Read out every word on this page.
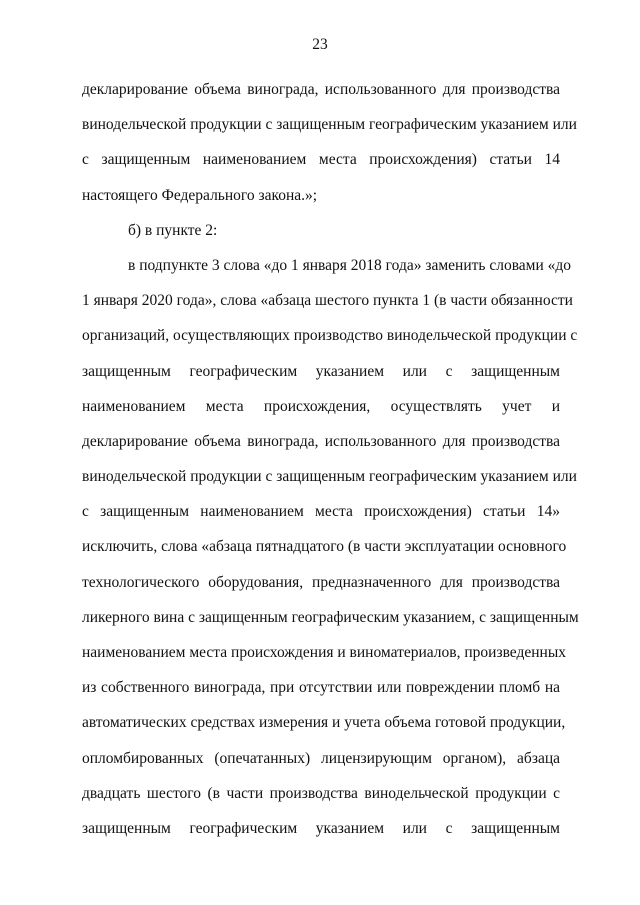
23
декларирование объема винограда, использованного для производства
винодельческой продукции с защищенным географическим указанием или
с защищенным наименованием места происхождения) статьи 14
настоящего Федерального закона.»;
б) в пункте 2:
в подпункте 3 слова «до 1 января 2018 года» заменить словами «до
1 января 2020 года», слова «абзаца шестого пункта 1 (в части обязанности
организаций, осуществляющих производство винодельческой продукции с
защищенным географическим указанием или с защищенным
наименованием места происхождения, осуществлять учет и
декларирование объема винограда, использованного для производства
винодельческой продукции с защищенным географическим указанием или
с защищенным наименованием места происхождения) статьи 14»
исключить, слова «абзаца пятнадцатого (в части эксплуатации основного
технологического оборудования, предназначенного для производства
ликерного вина с защищенным географическим указанием, с защищенным
наименованием места происхождения и виноматериалов, произведенных
из собственного винограда, при отсутствии или повреждении пломб на
автоматических средствах измерения и учета объема готовой продукции,
опломбированных (опечатанных) лицензирующим органом), абзаца
двадцать шестого (в части производства винодельческой продукции с
защищенным географическим указанием или с защищенным
